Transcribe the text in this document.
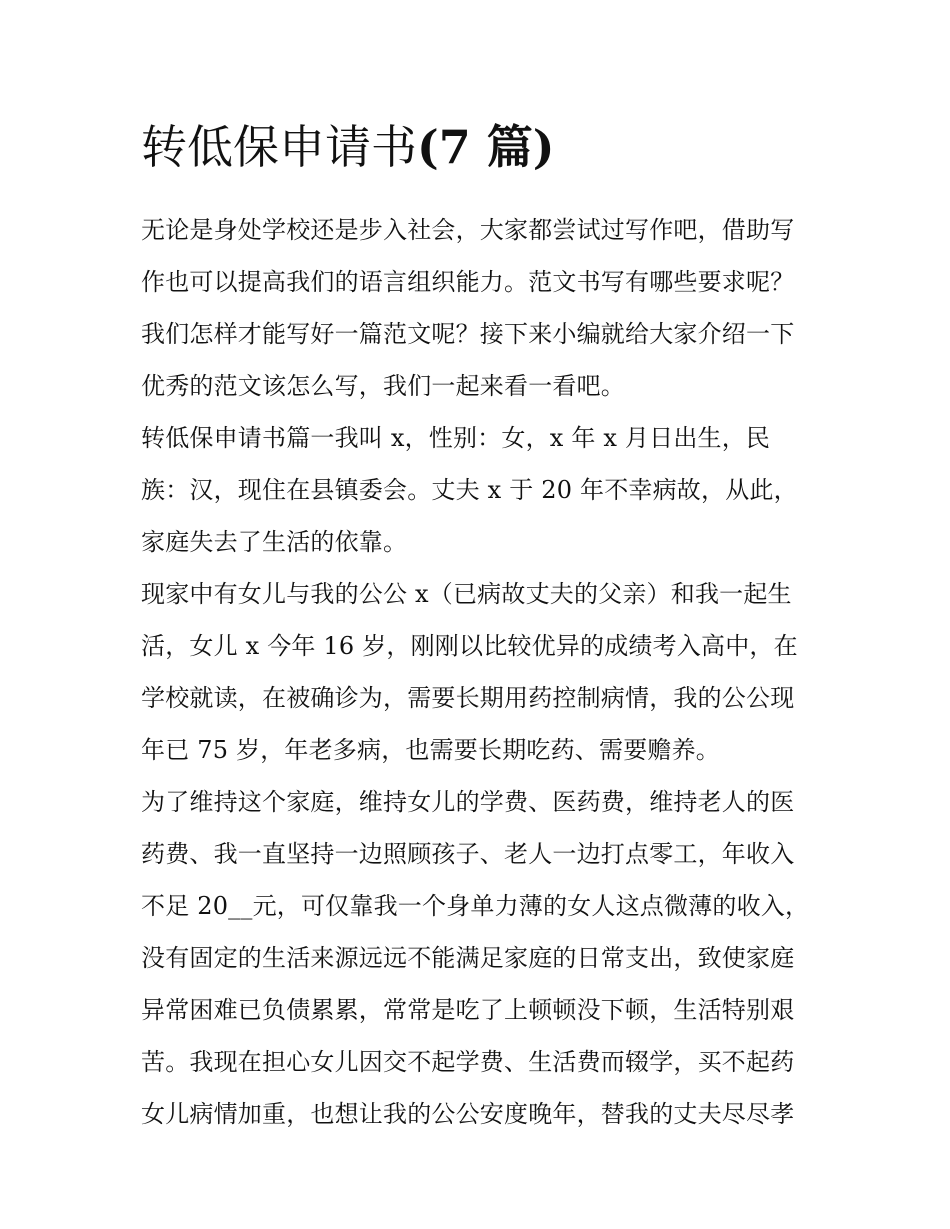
转低保申请书(7 篇)
无论是身处学校还是步入社会，大家都尝试过写作吧，借助写
作也可以提高我们的语言组织能力。范文书写有哪些要求呢？
我们怎样才能写好一篇范文呢？接下来小编就给大家介绍一下
优秀的范文该怎么写，我们一起来看一看吧。
转低保申请书篇一我叫 x，性别：女，x 年 x 月日出生，民
族：汉，现住在县镇委会。丈夫 x 于 20 年不幸病故，从此，
家庭失去了生活的依靠。
现家中有女儿与我的公公 x（已病故丈夫的父亲）和我一起生
活，女儿 x 今年 16 岁，刚刚以比较优异的成绩考入高中，在
学校就读，在被确诊为，需要长期用药控制病情，我的公公现
年已 75 岁，年老多病，也需要长期吃药、需要赡养。
为了维持这个家庭，维持女儿的学费、医药费，维持老人的医
药费、我一直坚持一边照顾孩子、老人一边打点零工，年收入
不足 20__元，可仅靠我一个身单力薄的女人这点微薄的收入，
没有固定的生活来源远远不能满足家庭的日常支出，致使家庭
异常困难已负债累累，常常是吃了上顿顿没下顿，生活特别艰
苦。我现在担心女儿因交不起学费、生活费而辍学，买不起药
女儿病情加重，也想让我的公公安度晚年，替我的丈夫尽尽孝
